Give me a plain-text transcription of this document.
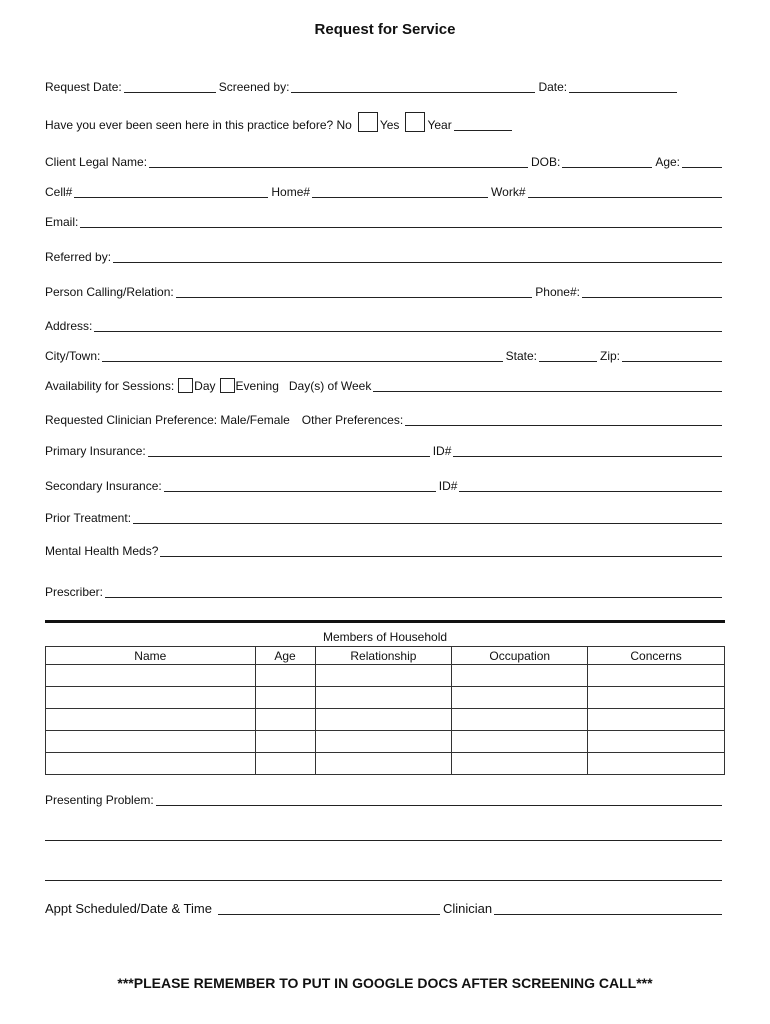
Request for Service
Request Date:	Screened by:	Date:
Have you ever been seen here in this practice before? No Yes Year
Client Legal Name:	DOB:	Age:
Cell#	Home#	Work#
Email:
Referred by:
Person Calling/Relation:	Phone#:
Address:
City/Town:	State:	Zip:
Availability for Sessions: Day Evening Day(s) of Week
Requested Clinician Preference: Male/Female Other Preferences:
Primary Insurance:	ID#
Secondary Insurance:	ID#
Prior Treatment:
Mental Health Meds?
Prescriber:
Members of Household
Name	Age	Relationship	Occupation	Concerns

Presenting Problem:
Appt Scheduled/Date & Time	Clinician
***PLEASE REMEMBER TO PUT IN GOOGLE DOCS AFTER SCREENING CALL***
